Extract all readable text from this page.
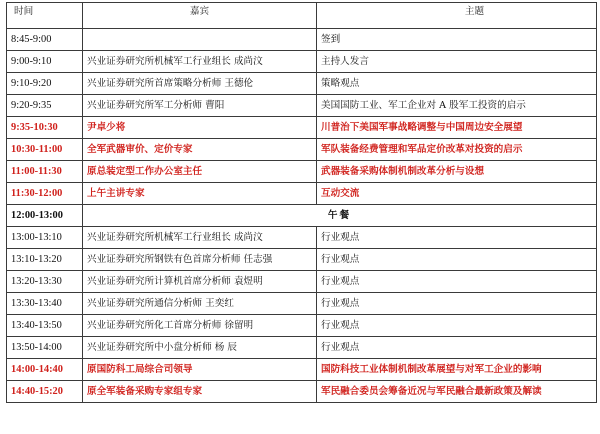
时间	嘉宾	主题
8:45-9:00		签到
9:00-9:10	兴业证券研究所机械军工行业组长 成尚汶	主持人发言
9:10-9:20	兴业证券研究所首席策略分析师 王德伦	策略观点
9:20-9:35	兴业证券研究所军工分析师 曹阳	美国国防工业、军工企业对 A 股军工投资的启示
9:35-10:30	尹卓少将	川普治下美国军事战略调整与中国周边安全展望
10:30-11:00	全军武器审价、定价专家	军队装备经费管理和军品定价改革对投资的启示
11:00-11:30	原总装定型工作办公室主任	武器装备采购体制机制改革分析与设想
11:30-12:00	上午主讲专家	互动交流
12:00-13:00	午餐	
13:00-13:10	兴业证券研究所机械军工行业组长 成尚汶	行业观点
13:10-13:20	兴业证券研究所钢铁有色首席分析师 任志强	行业观点
13:20-13:30	兴业证券研究所计算机首席分析师 袁煜明	行业观点
13:30-13:40	兴业证券研究所通信分析师 王奕红	行业观点
13:40-13:50	兴业证券研究所化工首席分析师 徐留明	行业观点
13:50-14:00	兴业证券研究所中小盘分析师 杨 辰	行业观点
14:00-14:40	原国防科工局综合司领导	国防科技工业体制机制改革展望与对军工企业的影响
14:40-15:20	原全军装备采购专家组专家	军民融合委员会筹备近况与军民融合最新政策及解读
